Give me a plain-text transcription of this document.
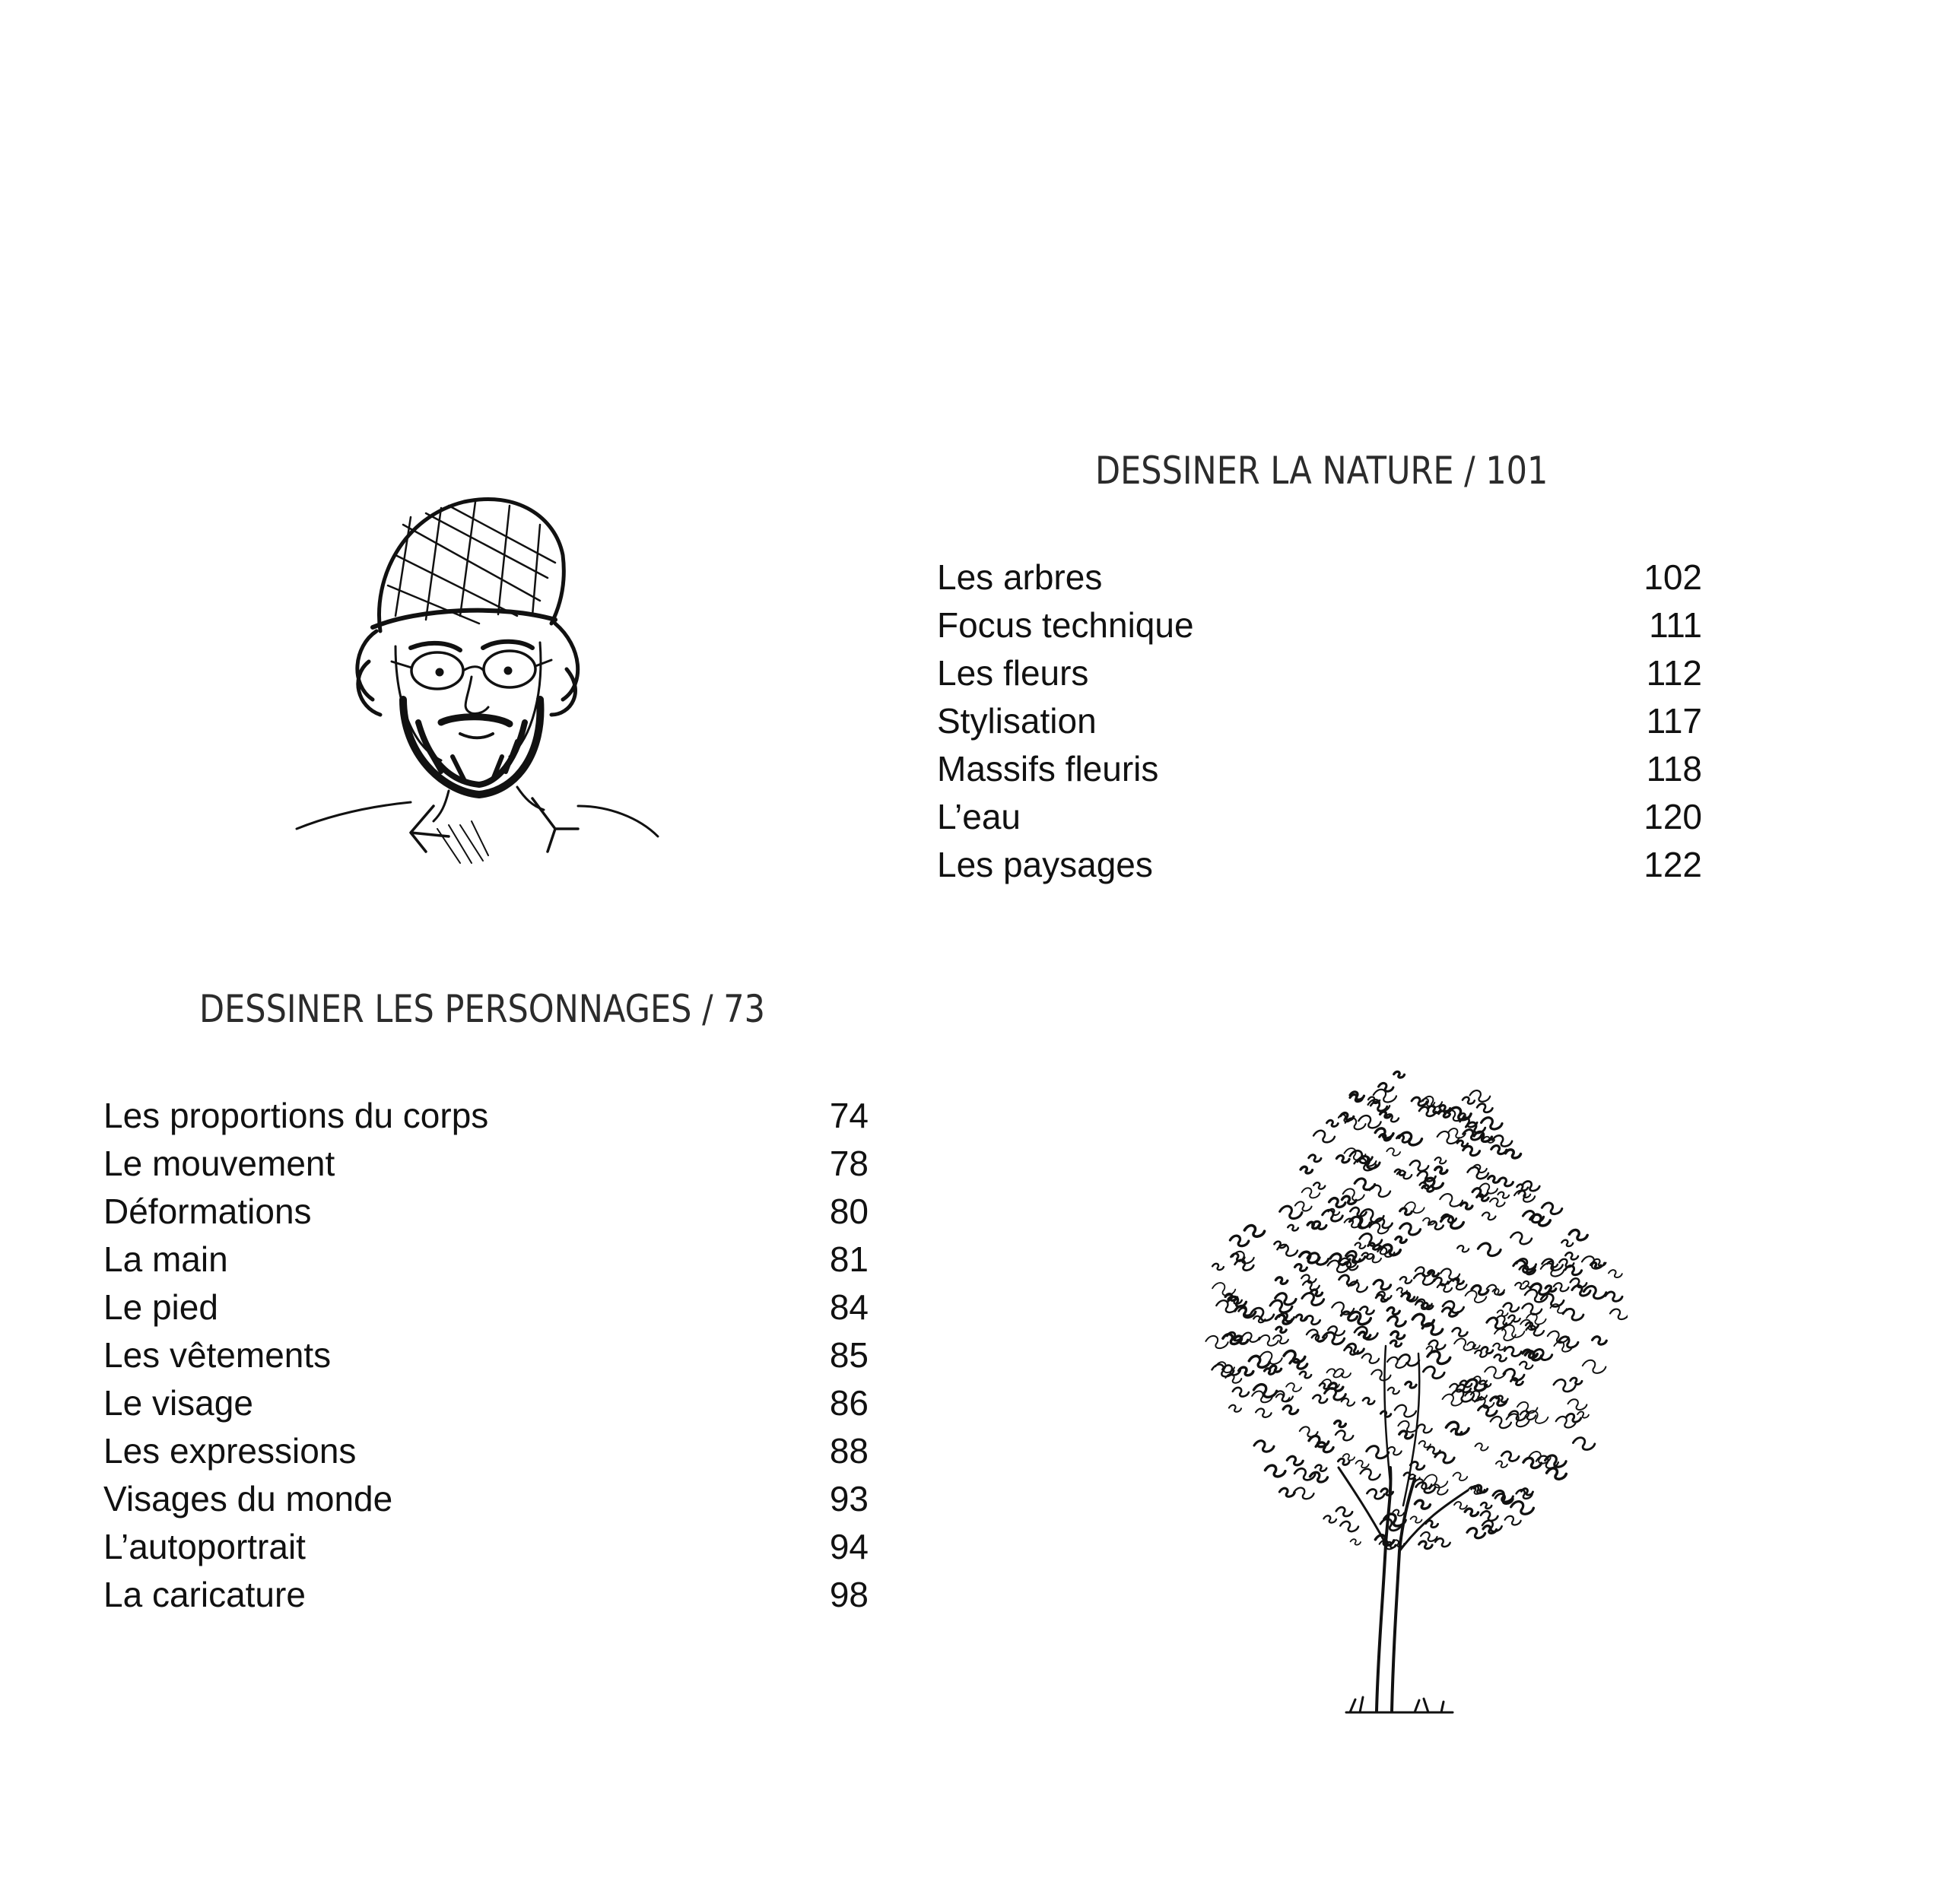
DESSINER LA NATURE / 101
Les arbres	102
Focus technique	111
Les fleurs	112
Stylisation	117
Massifs fleuris	118
L’eau	120
Les paysages	122
DESSINER LES PERSONNAGES / 73
Les proportions du corps	74
Le mouvement	78
Déformations	80
La main	81
Le pied	84
Les vêtements	85
Le visage	86
Les expressions	88
Visages du monde	93
L’autoportrait	94
La caricature	98
